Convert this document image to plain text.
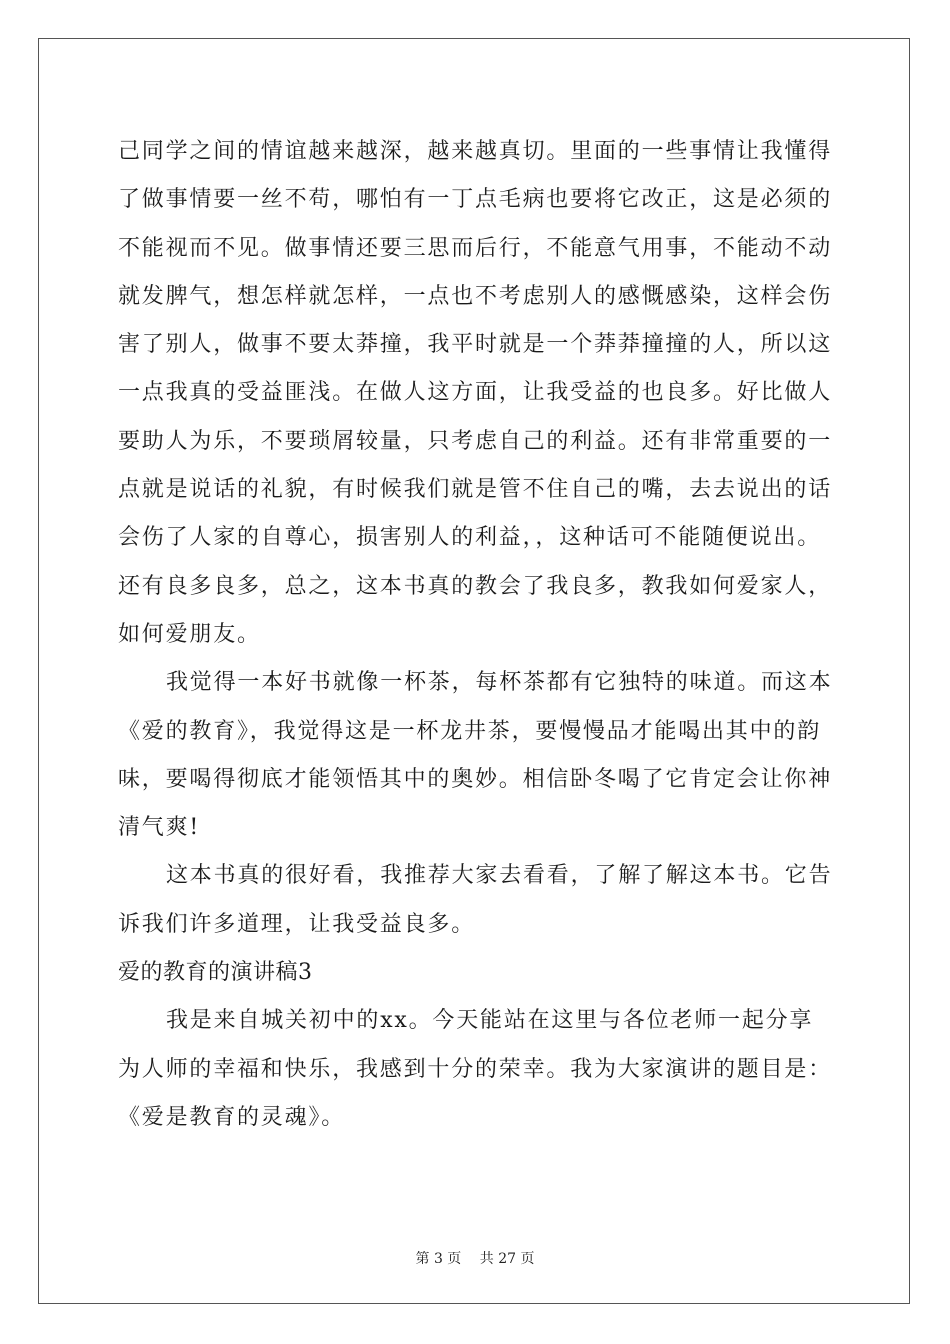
己同学之间的情谊越来越深，越来越真切。里面的一些事情让我懂得
了做事情要一丝不苟，哪怕有一丁点毛病也要将它改正，这是必须的
不能视而不见。做事情还要三思而后行，不能意气用事，不能动不动
就发脾气，想怎样就怎样，一点也不考虑别人的感慨感染，这样会伤
害了别人，做事不要太莽撞，我平时就是一个莽莽撞撞的人，所以这
一点我真的受益匪浅。在做人这方面，让我受益的也良多。好比做人
要助人为乐，不要琐屑较量，只考虑自己的利益。还有非常重要的一
点就是说话的礼貌，有时候我们就是管不住自己的嘴，去去说出的话
会伤了人家的自尊心，损害别人的利益，，这种话可不能随便说出。
还有良多良多，总之，这本书真的教会了我良多，教我如何爱家人，
如何爱朋友。
我觉得一本好书就像一杯茶，每杯茶都有它独特的味道。而这本
《爱的教育》，我觉得这是一杯龙井茶，要慢慢品才能喝出其中的韵
味，要喝得彻底才能领悟其中的奥妙。相信卧冬喝了它肯定会让你神
清气爽!
这本书真的很好看，我推荐大家去看看，了解了解这本书。它告
诉我们许多道理，让我受益良多。
爱的教育的演讲稿3
我是来自城关初中的xx。今天能站在这里与各位老师一起分享
为人师的幸福和快乐，我感到十分的荣幸。我为大家演讲的题目是：
《爱是教育的灵魂》。
第 3 页 共 27 页
